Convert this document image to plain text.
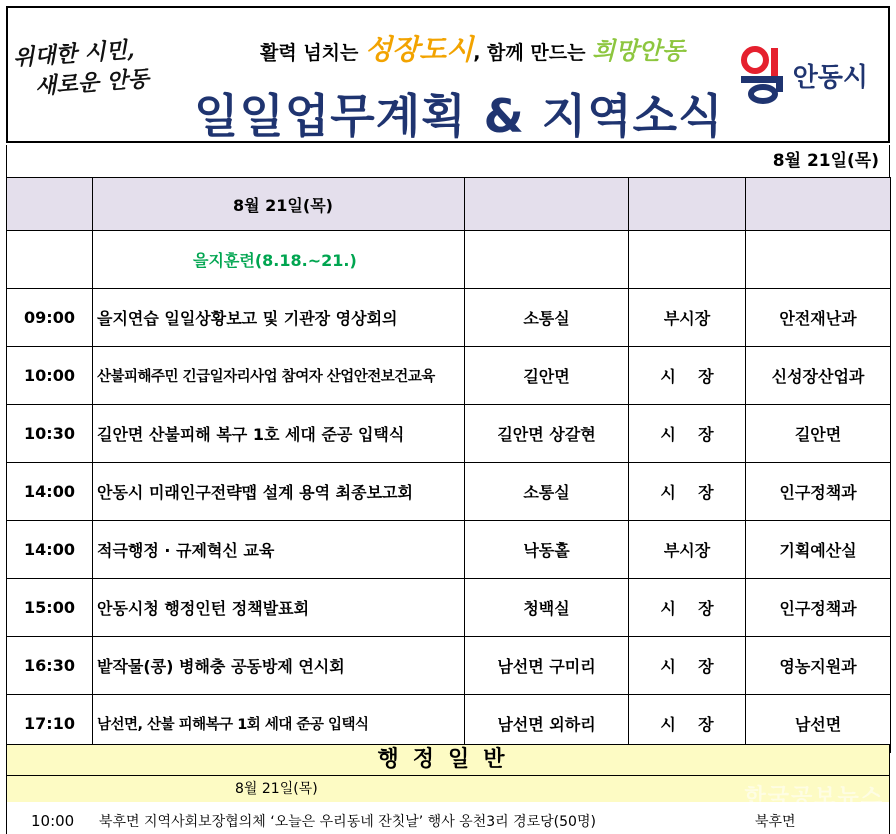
위대한 시민,
새로운 안동
활력 넘치는 성장도시, 함께 만드는 희망안동
일일업무계획 & 지역소식
안동시
8월 21일(목)
	8월 21일(목)			
	을지훈련(8.18.~21.)			
09:00	을지연습 일일상황보고 및 기관장 영상회의	소통실	부시장	안전재난과
10:00	산불피해주민 긴급일자리사업 참여자 산업안전보건교육	길안면	시    장	신성장산업과
10:30	길안면 산불피해 복구 1호 세대 준공 입택식	길안면 상갈현	시    장	길안면
14:00	안동시 미래인구전략맵 설계 용역 최종보고회	소통실	시    장	인구정책과
14:00	적극행정 · 규제혁신 교육	낙동홀	부시장	기획예산실
15:00	안동시청 행정인턴 정책발표회	청백실	시    장	인구정책과
16:30	밭작물(콩) 병해충 공동방제 연시회	남선면 구미리	시    장	영농지원과
17:10	남선면, 산불 피해복구 1회 세대 준공 입택식	남선면 외하리	시    장	남선면
행정일반
8월 21일(목)
10:00 북후면 지역사회보장협의체 ‘오늘은 우리동네 잔칫날’ 행사 옹천3리 경로당(50명)	북후면
한국공보뉴스
